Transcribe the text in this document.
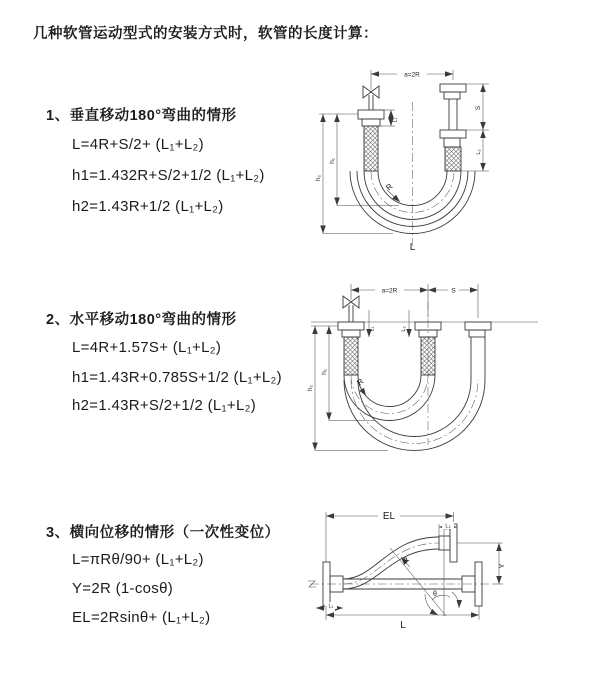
几种软管运动型式的安装方式时，软管的长度计算：
1、垂直移动180°弯曲的情形
L=4R+S/2+ (L₁+L₂)
h1=1.432R+S/2+1/2 (L₁+L₂)
h2=1.43R+1/2 (L₁+L₂)
2、水平移动180°弯曲的情形
L=4R+1.57S+ (L₁+L₂)
h1=1.43R+0.785S+1/2 (L₁+L₂)
h2=1.43R+S/2+1/2 (L₁+L₂)
3、横向位移的情形（一次性变位）
L=πRθ/90+ (L₁+L₂)
Y=2R (1-cosθ)
EL=2Rsinθ+ (L₁+L₂)
a=2R
h₁
h₂
L₁
S
L₂
R
L
a=2R	S
h₁
h₂
L₁	L₂
R
θ
R
EL
L₂
Y
L₁
L
